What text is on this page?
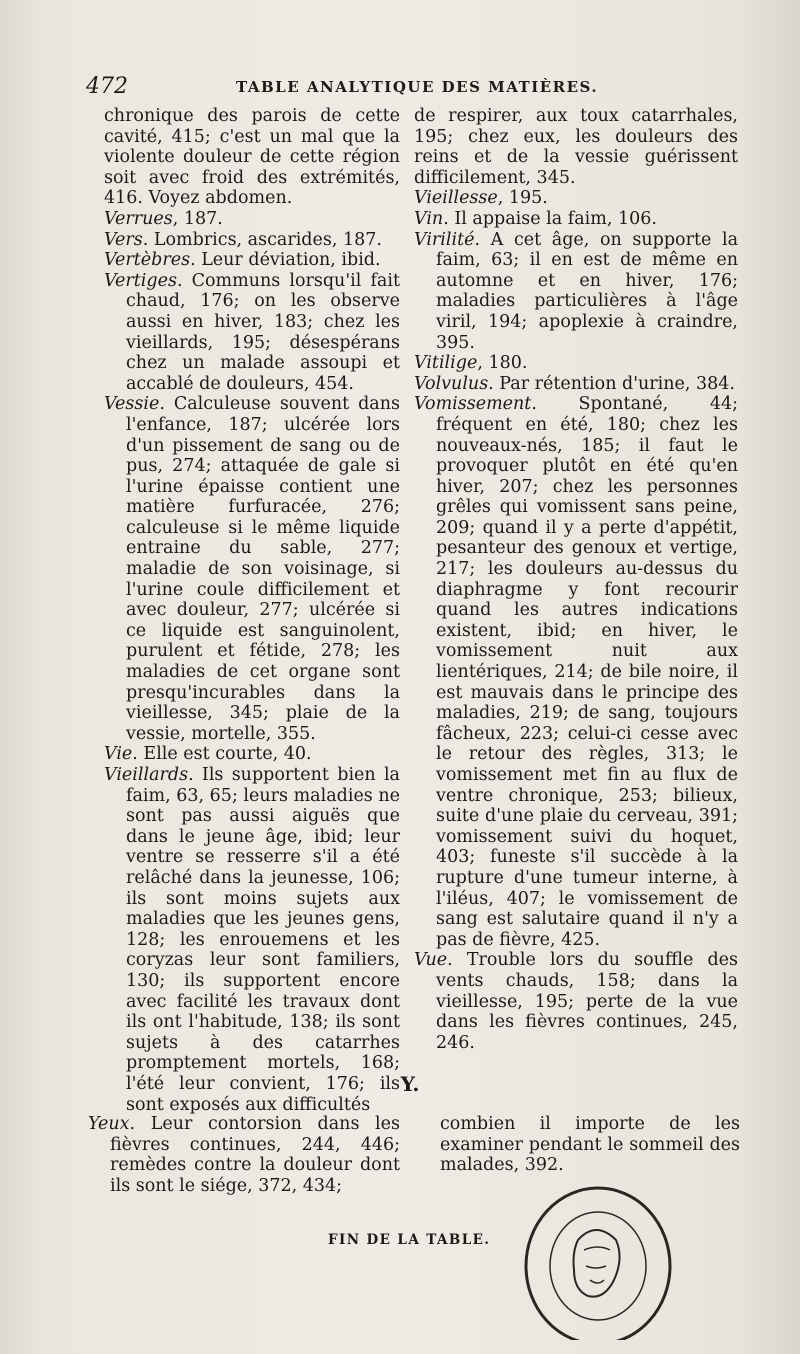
472	TABLE ANALYTIQUE DES MATIÈRES.

chronique des parois de cette cavité, 415; c'est un mal que la violente douleur de cette région soit avec froid des extrémités, 416. Voyez abdomen.

Verrues, 187.

Vers. Lombrics, ascarides, 187.

Vertèbres. Leur déviation, ibid.

Vertiges. Communs lorsqu'il fait chaud, 176; on les observe aussi en hiver, 183; chez les vieillards, 195; désespérans chez un malade assoupi et accablé de douleurs, 454.

Vessie. Calculeuse souvent dans l'enfance, 187; ulcérée lors d'un pissement de sang ou de pus, 274; attaquée de gale si l'urine épaisse contient une matière furfuracée, 276; calculeuse si le même liquide entraine du sable, 277; maladie de son voisinage, si l'urine coule difficilement et avec douleur, 277; ulcérée si ce liquide est sanguinolent, purulent et fétide, 278; les maladies de cet organe sont presqu'incurables dans la vieillesse, 345; plaie de la vessie, mortelle, 355.

Vie. Elle est courte, 40.

Vieillards. Ils supportent bien la faim, 63, 65; leurs maladies ne sont pas aussi aiguës que dans le jeune âge, ibid; leur ventre se resserre s'il a été relâché dans la jeunesse, 106; ils sont moins sujets aux maladies que les jeunes gens, 128; les enrouemens et les coryzas leur sont familiers, 130; ils supportent encore avec facilité les travaux dont ils ont l'habitude, 138; ils sont sujets à des catarrhes promptement mortels, 168; l'été leur convient, 176; ils sont exposés aux difficultés

de respirer, aux toux catarrhales, 195; chez eux, les douleurs des reins et de la vessie guérissent difficilement, 345.

Vieillesse, 195.

Vin. Il appaise la faim, 106.

Virilité. A cet âge, on supporte la faim, 63; il en est de même en automne et en hiver, 176; maladies particulières à l'âge viril, 194; apoplexie à craindre, 395.

Vitilige, 180.

Volvulus. Par rétention d'urine, 384.

Vomissement. Spontané, 44; fréquent en été, 180; chez les nouveaux-nés, 185; il faut le provoquer plutôt en été qu'en hiver, 207; chez les personnes grêles qui vomissent sans peine, 209; quand il y a perte d'appétit, pesanteur des genoux et vertige, 217; les douleurs au-dessus du diaphragme y font recourir quand les autres indications existent, ibid; en hiver, le vomissement nuit aux lientériques, 214; de bile noire, il est mauvais dans le principe des maladies, 219; de sang, toujours fâcheux, 223; celui-ci cesse avec le retour des règles, 313; le vomissement met fin au flux de ventre chronique, 253; bilieux, suite d'une plaie du cerveau, 391; vomissement suivi du hoquet, 403; funeste s'il succède à la rupture d'une tumeur interne, à l'iléus, 407; le vomissement de sang est salutaire quand il n'y a pas de fièvre, 425.

Vue. Trouble lors du souffle des vents chauds, 158; dans la vieillesse, 195; perte de la vue dans les fièvres continues, 245, 246.

Y.

Yeux. Leur contorsion dans les fièvres continues, 244, 446; remèdes contre la douleur dont ils sont le siége, 372, 434;

combien il importe de les examiner pendant le sommeil des malades, 392.
FIN DE LA TABLE.
